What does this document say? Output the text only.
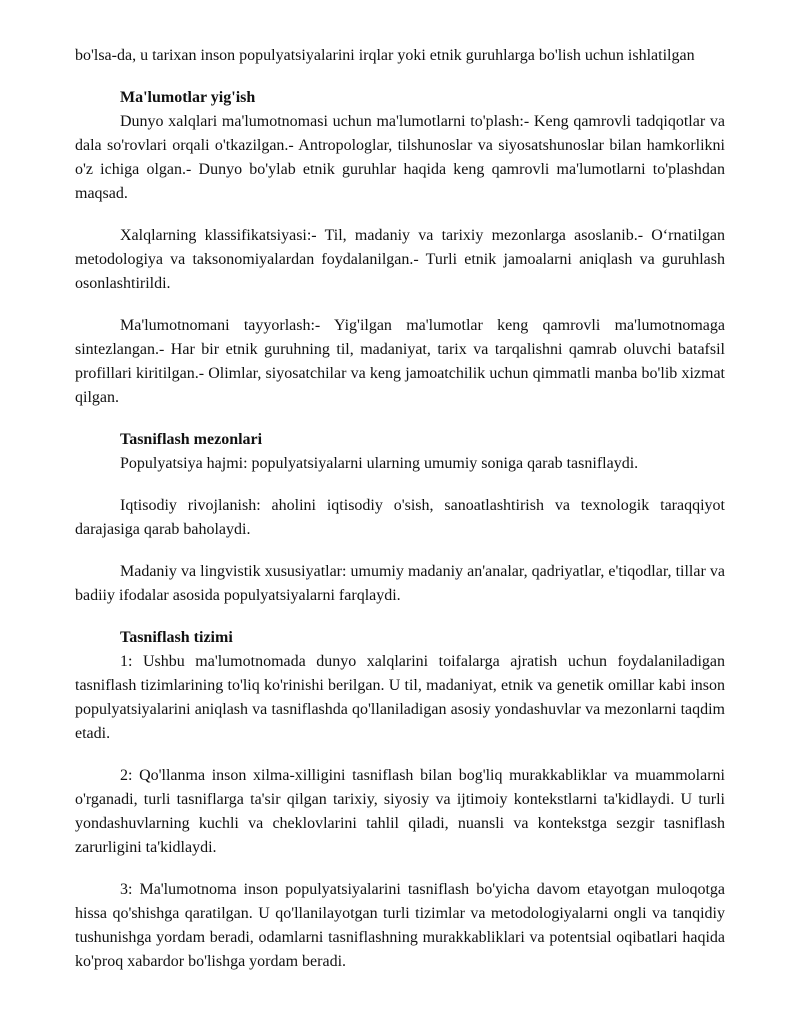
bo'lsa-da, u tarixan inson populyatsiyalarini irqlar yoki etnik guruhlarga bo'lish uchun ishlatilgan

Ma'lumotlar yig'ish

Dunyo xalqlari ma'lumotnomasi uchun ma'lumotlarni to'plash:- Keng qamrovli tadqiqotlar va dala so'rovlari orqali o'tkazilgan.- Antropologlar, tilshunoslar va siyosatshunoslar bilan hamkorlikni o'z ichiga olgan.- Dunyo bo'ylab etnik guruhlar haqida keng qamrovli ma'lumotlarni to'plashdan maqsad.

Xalqlarning klassifikatsiyasi:- Til, madaniy va tarixiy mezonlarga asoslanib.- O‘rnatilgan metodologiya va taksonomiyalardan foydalanilgan.- Turli etnik jamoalarni aniqlash va guruhlash osonlashtirildi.

Ma'lumotnomani tayyorlash:- Yig'ilgan ma'lumotlar keng qamrovli ma'lumotnomaga sintezlangan.- Har bir etnik guruhning til, madaniyat, tarix va tarqalishni qamrab oluvchi batafsil profillari kiritilgan.- Olimlar, siyosatchilar va keng jamoatchilik uchun qimmatli manba bo'lib xizmat qilgan.

Tasniflash mezonlari

Populyatsiya hajmi: populyatsiyalarni ularning umumiy soniga qarab tasniflaydi.

Iqtisodiy rivojlanish: aholini iqtisodiy o'sish, sanoatlashtirish va texnologik taraqqiyot darajasiga qarab baholaydi.

Madaniy va lingvistik xususiyatlar: umumiy madaniy an'analar, qadriyatlar, e'tiqodlar, tillar va badiiy ifodalar asosida populyatsiyalarni farqlaydi.

Tasniflash tizimi

1: Ushbu ma'lumotnomada dunyo xalqlarini toifalarga ajratish uchun foydalaniladigan tasniflash tizimlarining to'liq ko'rinishi berilgan. U til, madaniyat, etnik va genetik omillar kabi inson populyatsiyalarini aniqlash va tasniflashda qo'llaniladigan asosiy yondashuvlar va mezonlarni taqdim etadi.

2: Qo'llanma inson xilma-xilligini tasniflash bilan bog'liq murakkabliklar va muammolarni o'rganadi, turli tasniflarga ta'sir qilgan tarixiy, siyosiy va ijtimoiy kontekstlarni ta'kidlaydi. U turli yondashuvlarning kuchli va cheklovlarini tahlil qiladi, nuansli va kontekstga sezgir tasniflash zarurligini ta'kidlaydi.

3: Ma'lumotnoma inson populyatsiyalarini tasniflash bo'yicha davom etayotgan muloqotga hissa qo'shishga qaratilgan. U qo'llanilayotgan turli tizimlar va metodologiyalarni ongli va tanqidiy tushunishga yordam beradi, odamlarni tasniflashning murakkabliklari va potentsial oqibatlari haqida ko'proq xabardor bo'lishga yordam beradi.
